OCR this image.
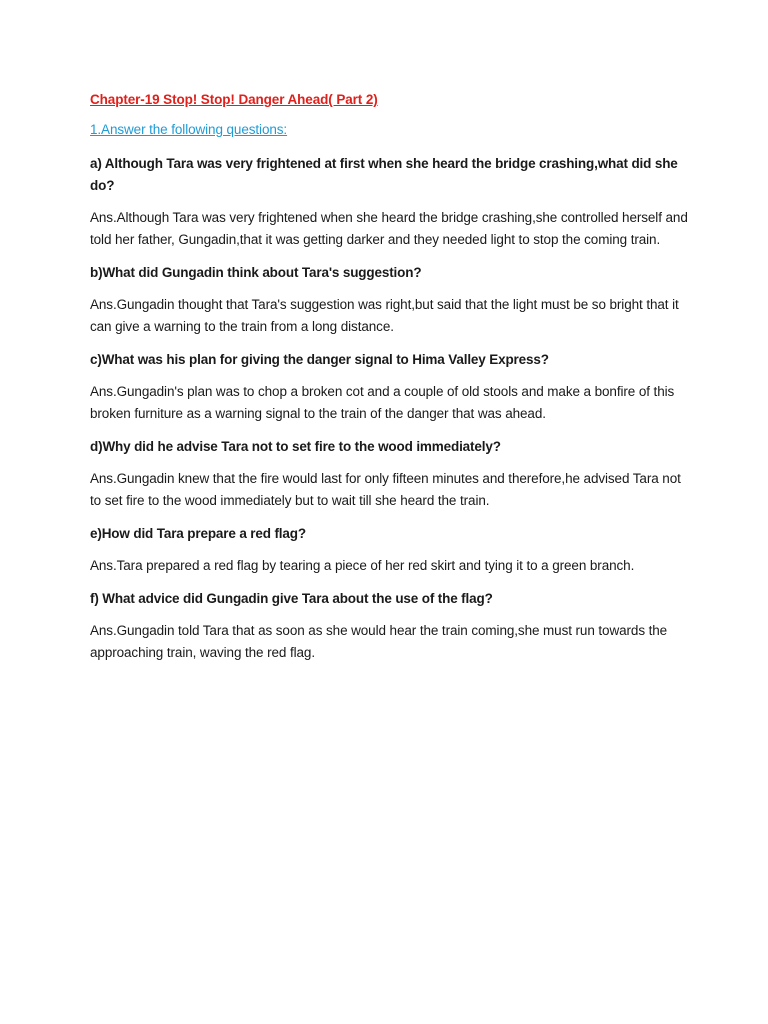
Chapter-19 Stop! Stop! Danger Ahead( Part 2)
1.Answer the following questions:

a) Although Tara was very frightened at first when she heard the bridge crashing,what did she do?

Ans.Although Tara was very frightened when she heard the bridge crashing,she controlled herself and told her father, Gungadin,that it was getting darker and they needed light to stop the coming train.

b)What did Gungadin think about Tara's suggestion?

Ans.Gungadin thought that Tara's suggestion was right,but said that the light must be so bright that it can give a warning to the train from a long distance.

c)What was his plan for giving the danger signal to Hima Valley Express?

Ans.Gungadin's plan was to chop a broken cot and a couple of old stools and make a bonfire of this broken furniture as a warning signal to the train of the danger that was ahead.

d)Why did he advise Tara not to set fire to the wood immediately?

Ans.Gungadin knew that the fire would last for only fifteen minutes and therefore,he advised Tara not to set fire to the wood immediately but to wait till she heard the train.

e)How did Tara prepare a red flag?

Ans.Tara prepared a red flag by tearing a piece of her red skirt and tying it to a green branch.

f) What advice did Gungadin give Tara about the use of the flag?

Ans.Gungadin told Tara that as soon as she would hear the train coming,she must run towards the approaching train, waving the red flag.
